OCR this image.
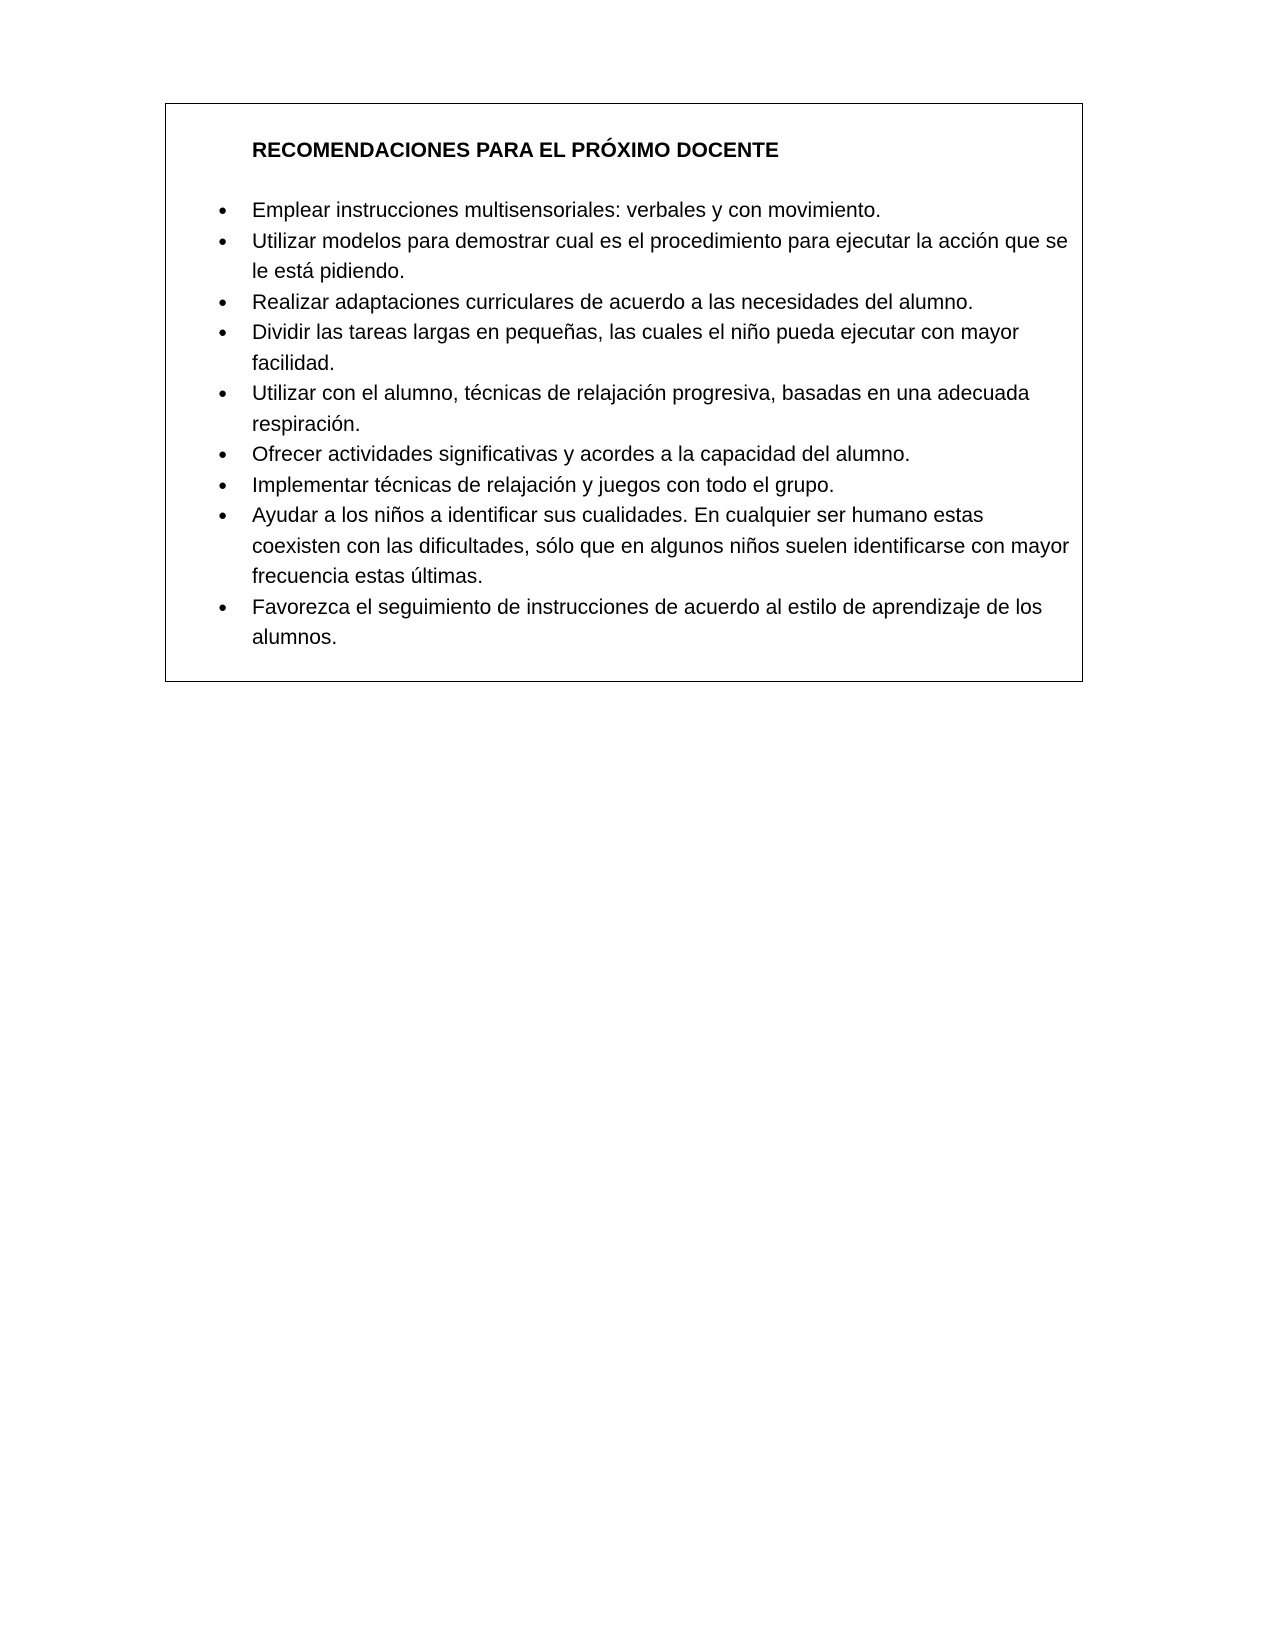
RECOMENDACIONES PARA EL PRÓXIMO DOCENTE
● Emplear instrucciones multisensoriales: verbales y con movimiento.
● Utilizar modelos para demostrar cual es el procedimiento para ejecutar la acción que se le está pidiendo.
● Realizar adaptaciones curriculares de acuerdo a las necesidades del alumno.
● Dividir las tareas largas en pequeñas, las cuales el niño pueda ejecutar con mayor facilidad.
● Utilizar con el alumno, técnicas de relajación progresiva, basadas en una adecuada respiración.
● Ofrecer actividades significativas y acordes a la capacidad del alumno.
● Implementar técnicas de relajación y juegos con todo el grupo.
● Ayudar a los niños a identificar sus cualidades. En cualquier ser humano estas coexisten con las dificultades, sólo que en algunos niños suelen identificarse con mayor frecuencia estas últimas.
● Favorezca el seguimiento de instrucciones de acuerdo al estilo de aprendizaje de los alumnos.
